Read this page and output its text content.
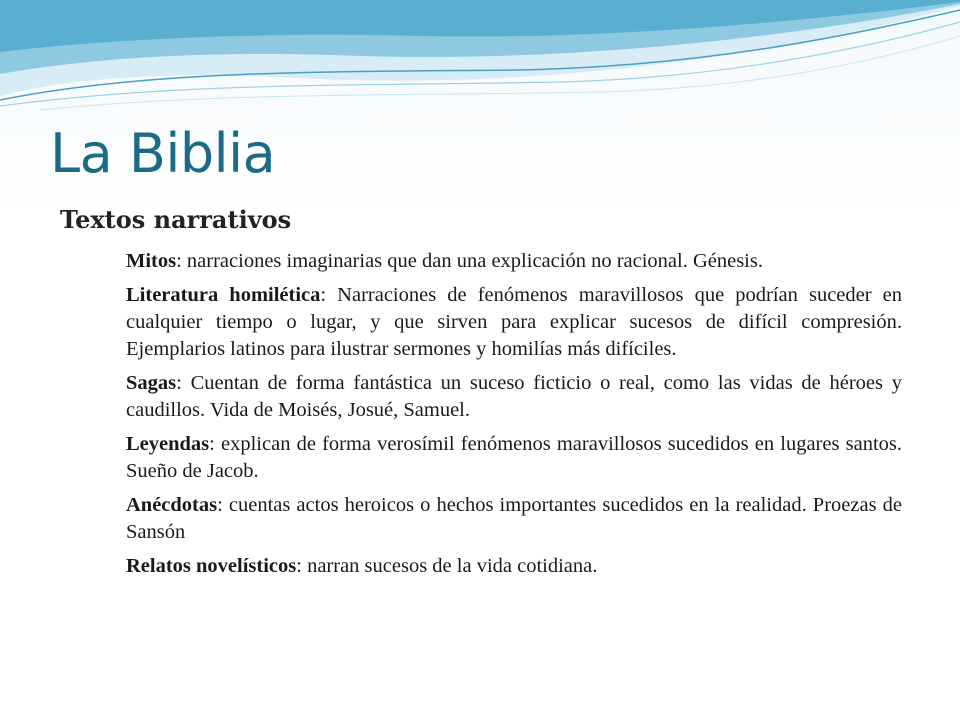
La Biblia
Textos narrativos
Mitos: narraciones imaginarias que dan una explicación no racional. Génesis.
Literatura homilética: Narraciones de fenómenos maravillosos que podrían suceder en cualquier tiempo o lugar, y que sirven para explicar sucesos de difícil compresión. Ejemplarios latinos para ilustrar sermones y homilías más difíciles.
Sagas: Cuentan de forma fantástica un suceso ficticio o real, como las vidas de héroes y caudillos. Vida de Moisés, Josué, Samuel.
Leyendas: explican de forma verosímil fenómenos maravillosos sucedidos en lugares santos. Sueño de Jacob.
Anécdotas: cuentas actos heroicos o hechos importantes sucedidos en la realidad. Proezas de Sansón
Relatos novelísticos: narran sucesos de la vida cotidiana.
